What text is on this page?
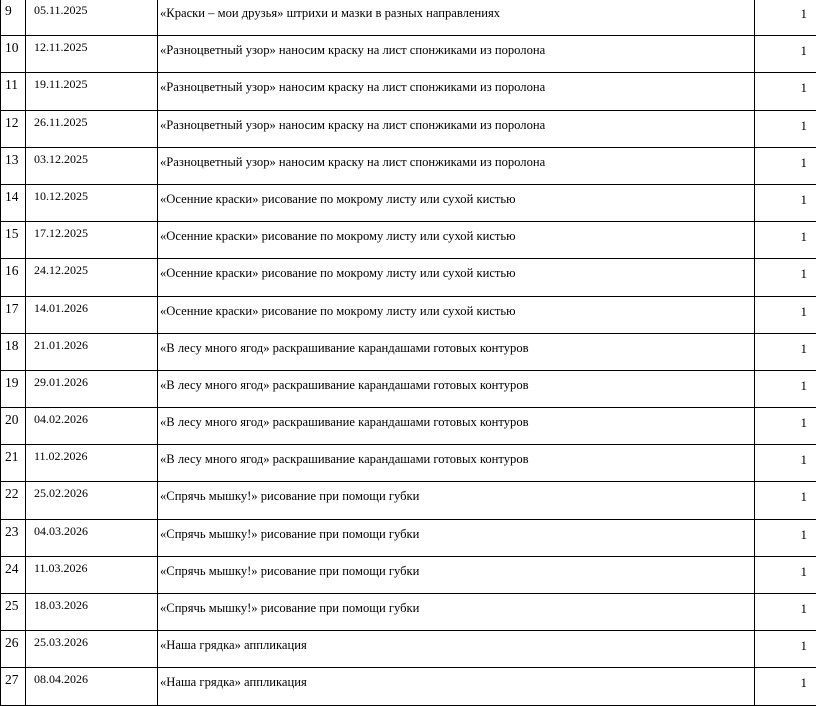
9	05.11.2025	«Краски – мои друзья» штрихи и мазки в разных направлениях	1
10	12.11.2025	«Разноцветный узор» наносим краску на лист спонжиками из поролона	1
11	19.11.2025	«Разноцветный узор» наносим краску на лист спонжиками из поролона	1
12	26.11.2025	«Разноцветный узор» наносим краску на лист спонжиками из поролона	1
13	03.12.2025	«Разноцветный узор» наносим краску на лист спонжиками из поролона	1
14	10.12.2025	«Осенние краски» рисование по мокрому листу или сухой кистью	1
15	17.12.2025	«Осенние краски» рисование по мокрому листу или сухой кистью	1
16	24.12.2025	«Осенние краски» рисование по мокрому листу или сухой кистью	1
17	14.01.2026	«Осенние краски» рисование по мокрому листу или сухой кистью	1
18	21.01.2026	«В лесу много ягод» раскрашивание карандашами готовых контуров	1
19	29.01.2026	«В лесу много ягод» раскрашивание карандашами готовых контуров	1
20	04.02.2026	«В лесу много ягод» раскрашивание карандашами готовых контуров	1
21	11.02.2026	«В лесу много ягод» раскрашивание карандашами готовых контуров	1
22	25.02.2026	«Спрячь мышку!» рисование при помощи губки	1
23	04.03.2026	«Спрячь мышку!» рисование при помощи губки	1
24	11.03.2026	«Спрячь мышку!» рисование при помощи губки	1
25	18.03.2026	«Спрячь мышку!» рисование при помощи губки	1
26	25.03.2026	«Наша грядка» аппликация	1
27	08.04.2026	«Наша грядка» аппликация	1
